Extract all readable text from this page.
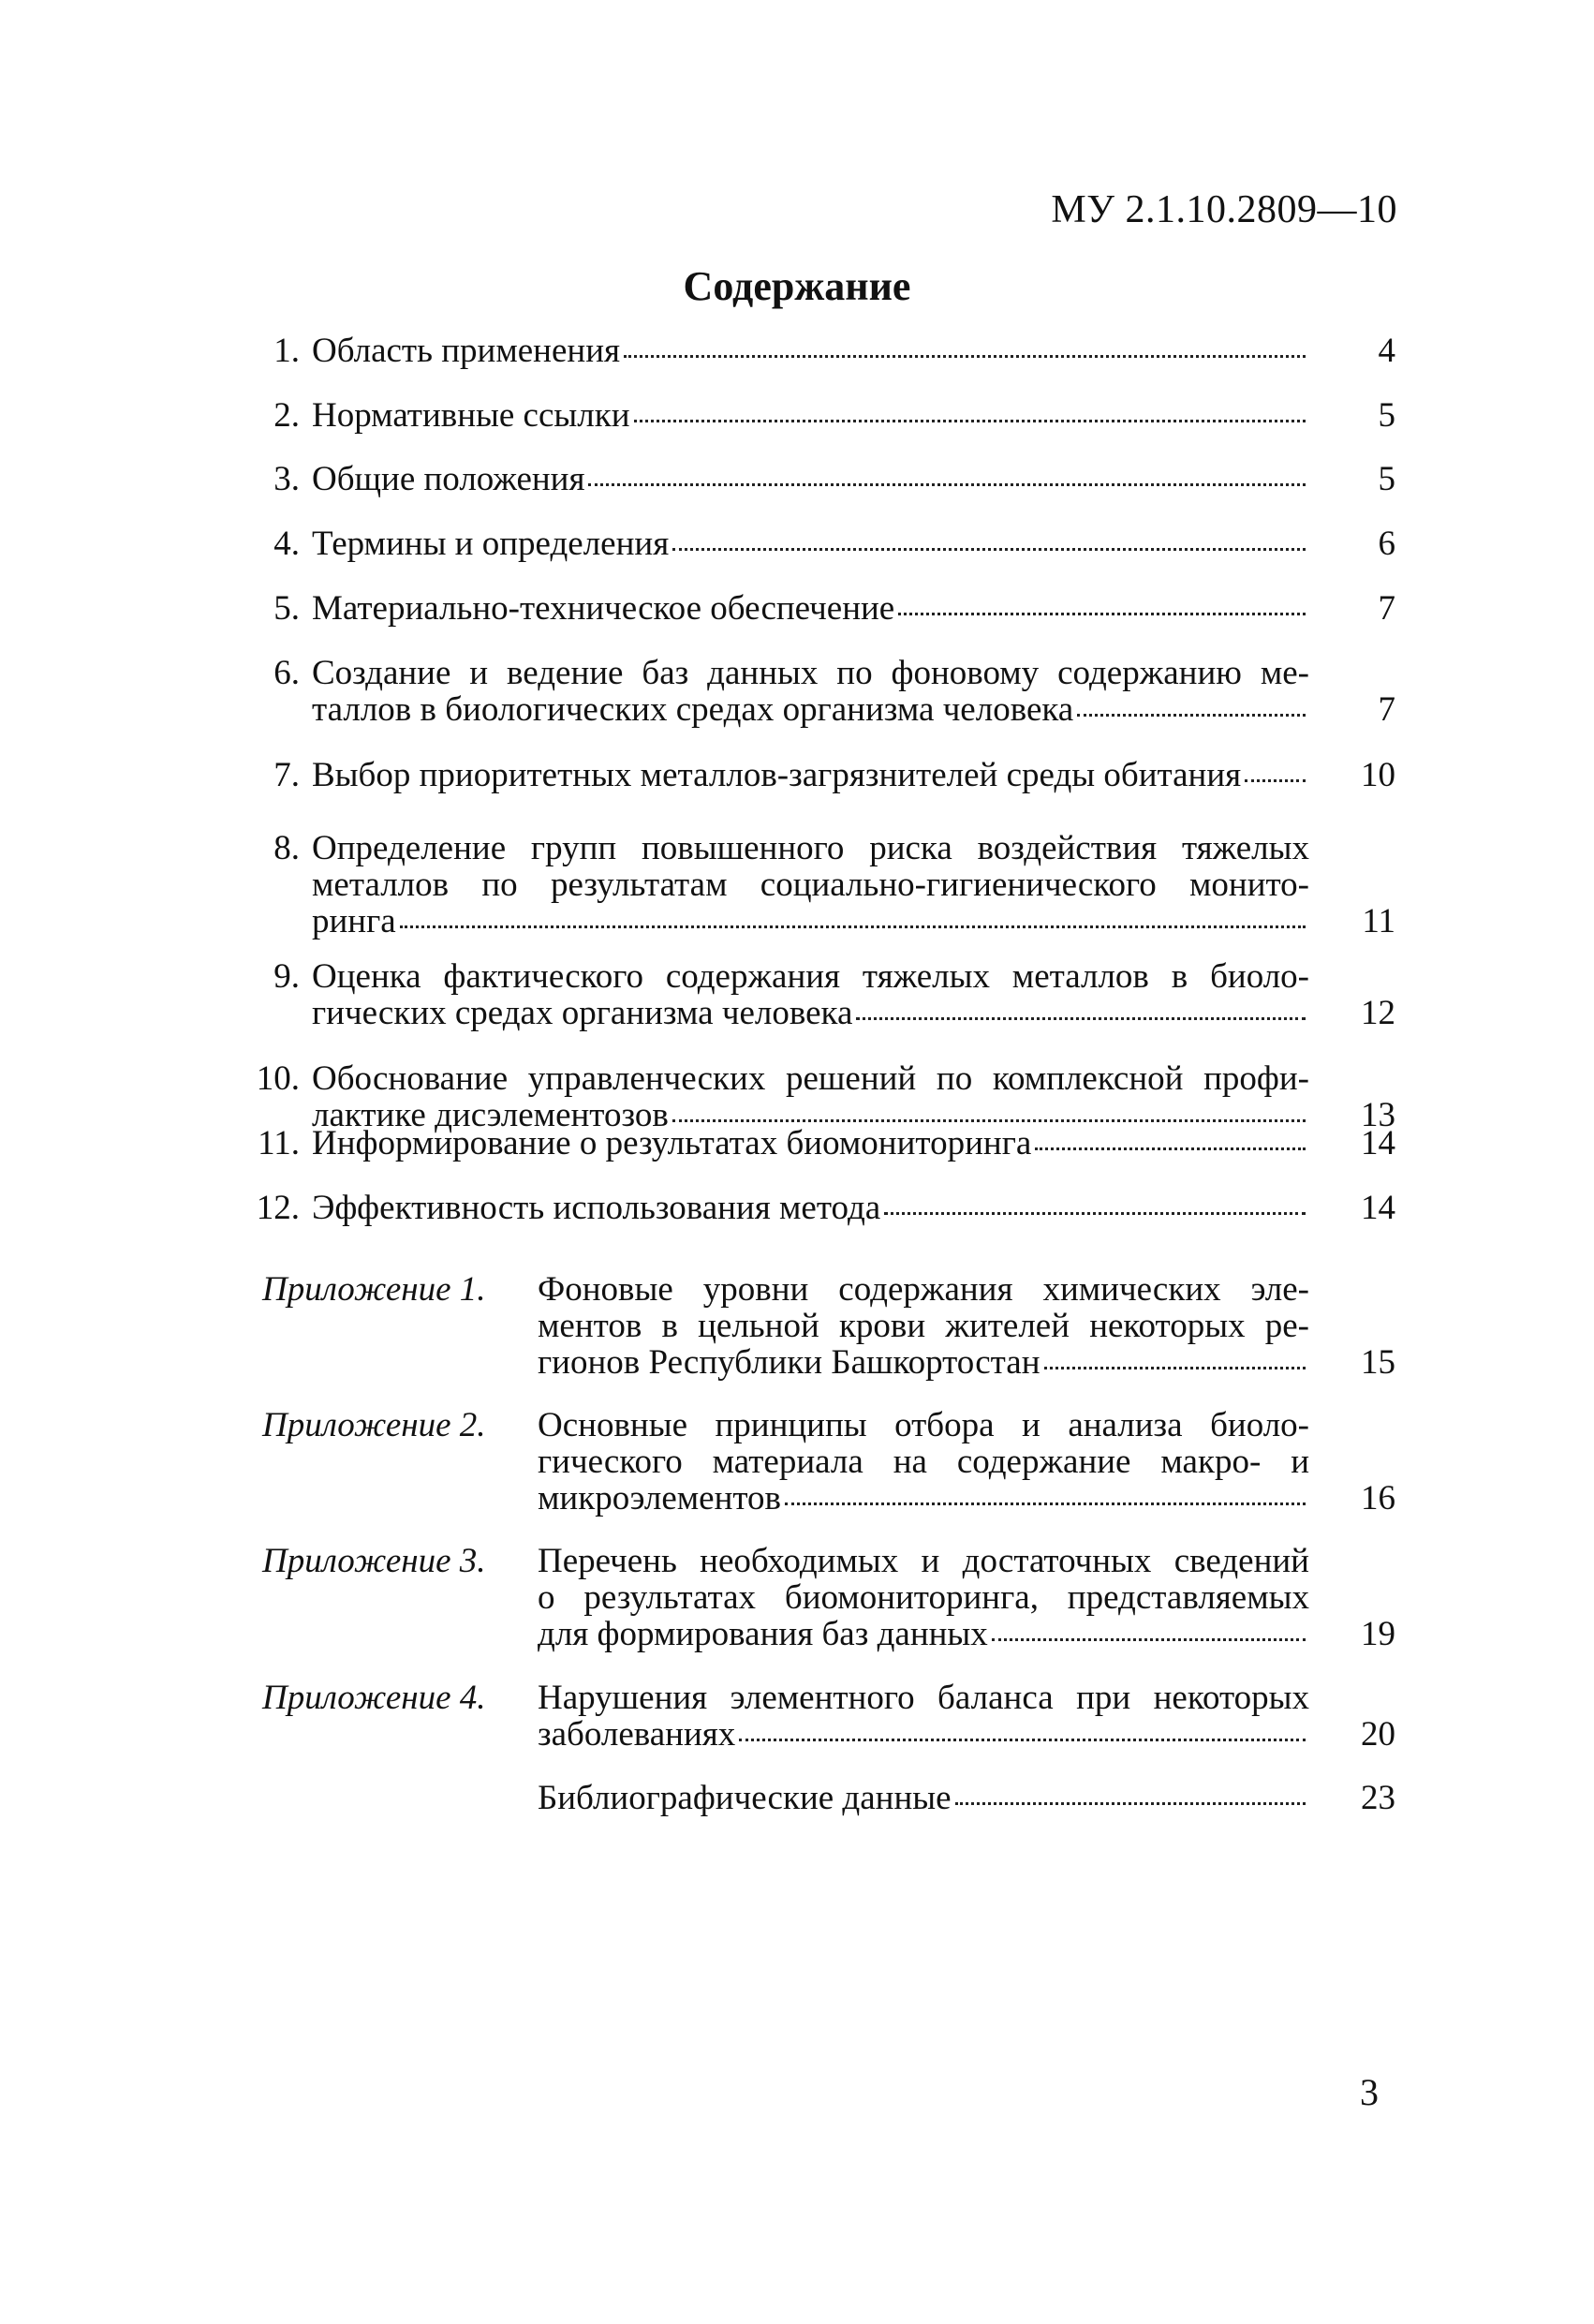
МУ 2.1.10.2809—10
Содержание
1. Область применения	4
2. Нормативные ссылки	5
3. Общие положения	5
4. Термины и определения	6
5. Материально-техническое обеспечение	7
6. Создание и ведение баз данных по фоновому содержанию ме-
таллов в биологических средах организма человека	7
7. Выбор приоритетных металлов-загрязнителей среды обитания	10
8. Определение групп повышенного риска воздействия тяжелых
металлов по результатам социально-гигиенического монито-
ринга	11
9. Оценка фактического содержания тяжелых металлов в биоло-
гических средах организма человека	12
10. Обоснование управленческих решений по комплексной профи-
лактике дисэлементозов	13
11. Информирование о результатах биомониторинга	14
12. Эффективность использования метода	14
Приложение 1. Фоновые уровни содержания химических эле-
ментов в цельной крови жителей некоторых ре-
гионов Республики Башкортостан	15
Приложение 2. Основные принципы отбора и анализа биоло-
гического материала на содержание макро- и
микроэлементов	16
Приложение 3. Перечень необходимых и достаточных сведений
о результатах биомониторинга, представляемых
для формирования баз данных	19
Приложение 4. Нарушения элементного баланса при некоторых
заболеваниях	20
Библиографические данные	23
3
